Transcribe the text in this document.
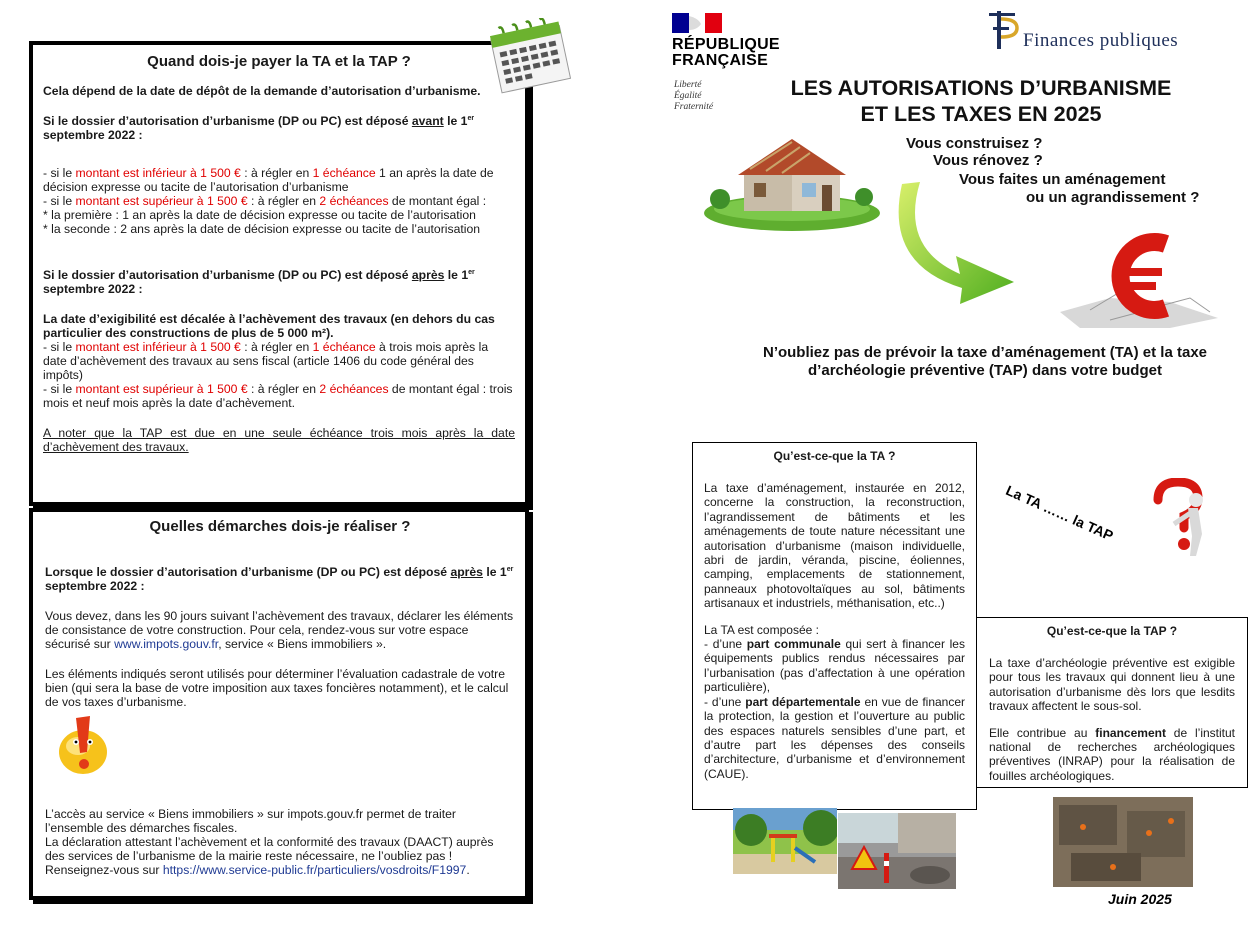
Quand dois-je payer la TA et la TAP ?

Cela dépend de la date de dépôt de la demande d’autorisation d’urbanisme.

Si le dossier d’autorisation d’urbanisme (DP ou PC) est déposé avant le 1er septembre 2022 :

- si le montant est inférieur à 1 500 € : à régler en 1 échéance 1 an après la date de décision expresse ou tacite de l’autorisation d’urbanisme

- si le montant est supérieur à 1 500 € : à régler en 2 échéances de montant égal :

* la première : 1 an après la date de décision expresse ou tacite de l’autorisation

* la seconde : 2 ans après la date de décision expresse ou tacite de l’autorisation

Si le dossier d’autorisation d’urbanisme (DP ou PC) est déposé après le 1er septembre 2022 :

La date d’exigibilité est décalée à l’achèvement des travaux (en dehors du cas particulier des constructions de plus de 5 000 m²).

- si le montant est inférieur à 1 500 € : à régler en 1 échéance à trois mois après la date d’achèvement des travaux au sens fiscal (article 1406 du code général des impôts)

- si le montant est supérieur à 1 500 € : à régler en 2 échéances de montant égal : trois mois et neuf mois après la date d’achèvement.

A noter que la TAP est due en une seule échéance trois mois après la date d’achèvement des travaux.

Quelles démarches dois-je réaliser ?

Lorsque le dossier d’autorisation d’urbanisme (DP ou PC) est déposé après le 1er septembre 2022 :

Vous devez, dans les 90 jours suivant l’achèvement des travaux, déclarer les éléments de consistance de votre construction. Pour cela, rendez-vous sur votre espace sécurisé sur www.impots.gouv.fr, service « Biens immobiliers ».

Les éléments indiqués seront utilisés pour déterminer l’évaluation cadastrale de votre bien (qui sera la base de votre imposition aux taxes foncières notamment), et le calcul de vos taxes d’urbanisme.

L’accès au service « Biens immobiliers » sur impots.gouv.fr permet de traiter l’ensemble des démarches fiscales.

La déclaration attestant l’achèvement et la conformité des travaux (DAACT) auprès des services de l’urbanisme de la mairie reste nécessaire, ne l’oubliez pas !

Renseignez-vous sur https://www.service-public.fr/particuliers/vosdroits/F1997.

RÉPUBLIQUE
FRANÇAISE
Liberté
Égalité
Fraternité
Finances publiques
LES AUTORISATIONS D’URBANISME
ET LES TAXES EN 2025
Vous construisez ?
Vous rénovez ?
Vous faites un aménagement
ou un agrandissement ?
N’oubliez pas de prévoir la taxe d’aménagement (TA) et la taxe d’archéologie préventive (TAP) dans votre budget
Qu’est-ce-que la TA ?

La taxe d’aménagement, instaurée en 2012, concerne la construction, la reconstruction, l’agrandissement de bâtiments et les aménagements de toute nature nécessitant une autorisation d’urbanisme (maison individuelle, abri de jardin, véranda, piscine, éoliennes, camping, emplacements de stationnement, panneaux photovoltaïques au sol, bâtiments artisanaux et industriels, méthanisation, etc..)

La TA est composée :

- d’une part communale qui sert à financer les équipements publics rendus nécessaires par l’urbanisation (pas d’affectation à une opération particulière),

- d’une part départementale en vue de financer la protection, la gestion et l’ouverture au public des espaces naturels sensibles d’une part, et d’autre part les dépenses des conseils d’architecture, d’urbanisme et d’environnement (CAUE).

La TA …… la TAP
Qu’est-ce-que la TAP ?

La taxe d’archéologie préventive est exigible pour tous les travaux qui donnent lieu à une autorisation d’urbanisme dès lors que lesdits travaux affectent le sous-sol.

Elle contribue au financement de l’institut national de recherches archéologiques préventives (INRAP) pour la réalisation de fouilles archéologiques.

Juin 2025
